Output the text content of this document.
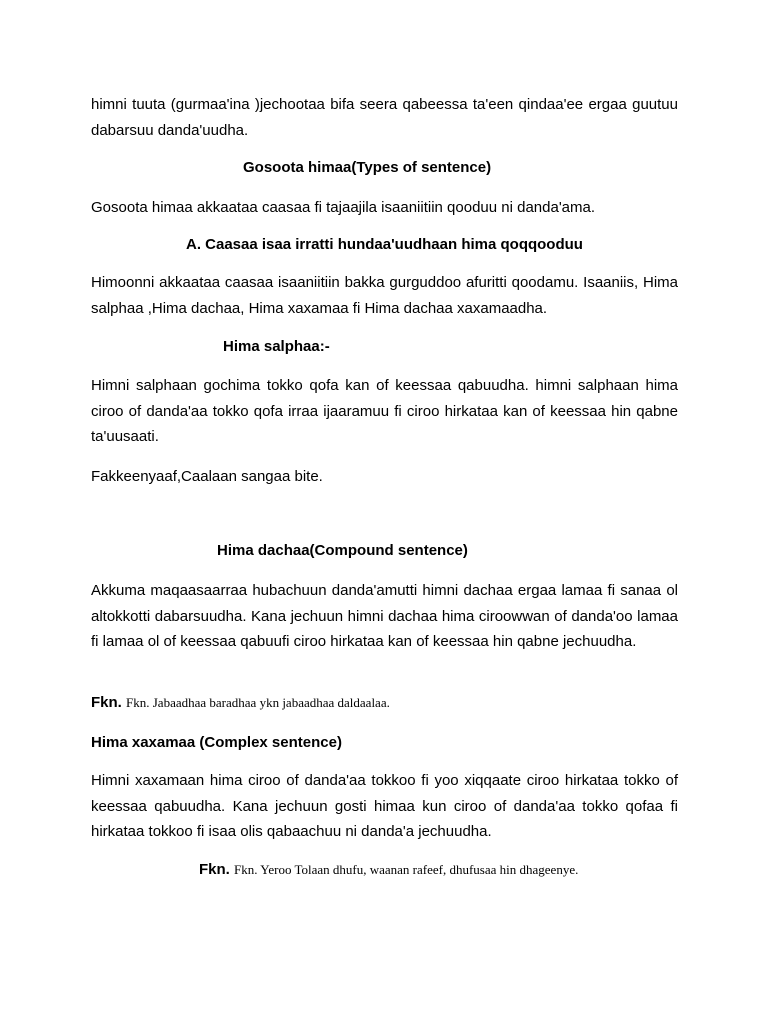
himni tuuta (gurmaa'ina )jechootaa bifa seera qabeessa ta'een qindaa'ee ergaa guutuu dabarsuu danda'uudha.

Gosoota himaa(Types of sentence)

Gosoota himaa akkaataa caasaa fi tajaajila isaaniitiin qooduu ni danda'ama.

A. Caasaa isaa irratti hundaa'uudhaan hima qoqqooduu

Himoonni akkaataa caasaa isaaniitiin bakka gurguddoo afuritti qoodamu. Isaaniis, Hima salphaa ,Hima dachaa, Hima xaxamaa fi Hima dachaa xaxamaadha.

Hima salphaa:-

Himni salphaan gochima tokko qofa kan of keessaa qabuudha. himni salphaan hima ciroo of danda'aa tokko qofa irraa ijaaramuu fi ciroo hirkataa kan of keessaa hin qabne ta'uusaati.

Fakkeenyaaf,Caalaan sangaa bite.

Hima dachaa(Compound sentence)

Akkuma maqaasaarraa hubachuun danda'amutti himni dachaa ergaa lamaa fi sanaa ol altokkotti dabarsuudha. Kana jechuun himni dachaa hima ciroowwan of danda'oo lamaa fi lamaa ol of keessaa qabuufi ciroo hirkataa kan of keessaa hin qabne jechuudha.

Fkn. Fkn. Jabaadhaa baradhaa ykn jabaadhaa daldaalaa.

Hima xaxamaa (Complex sentence)

Himni xaxamaan hima ciroo of danda'aa tokkoo fi yoo xiqqaate ciroo hirkataa tokko of keessaa qabuudha. Kana jechuun gosti himaa kun ciroo of danda'aa tokko qofaa fi hirkataa tokkoo fi isaa olis qabaachuu ni danda'a jechuudha.

Fkn. Fkn. Yeroo Tolaan dhufu, waanan rafeef, dhufusaa hin dhageenye.
